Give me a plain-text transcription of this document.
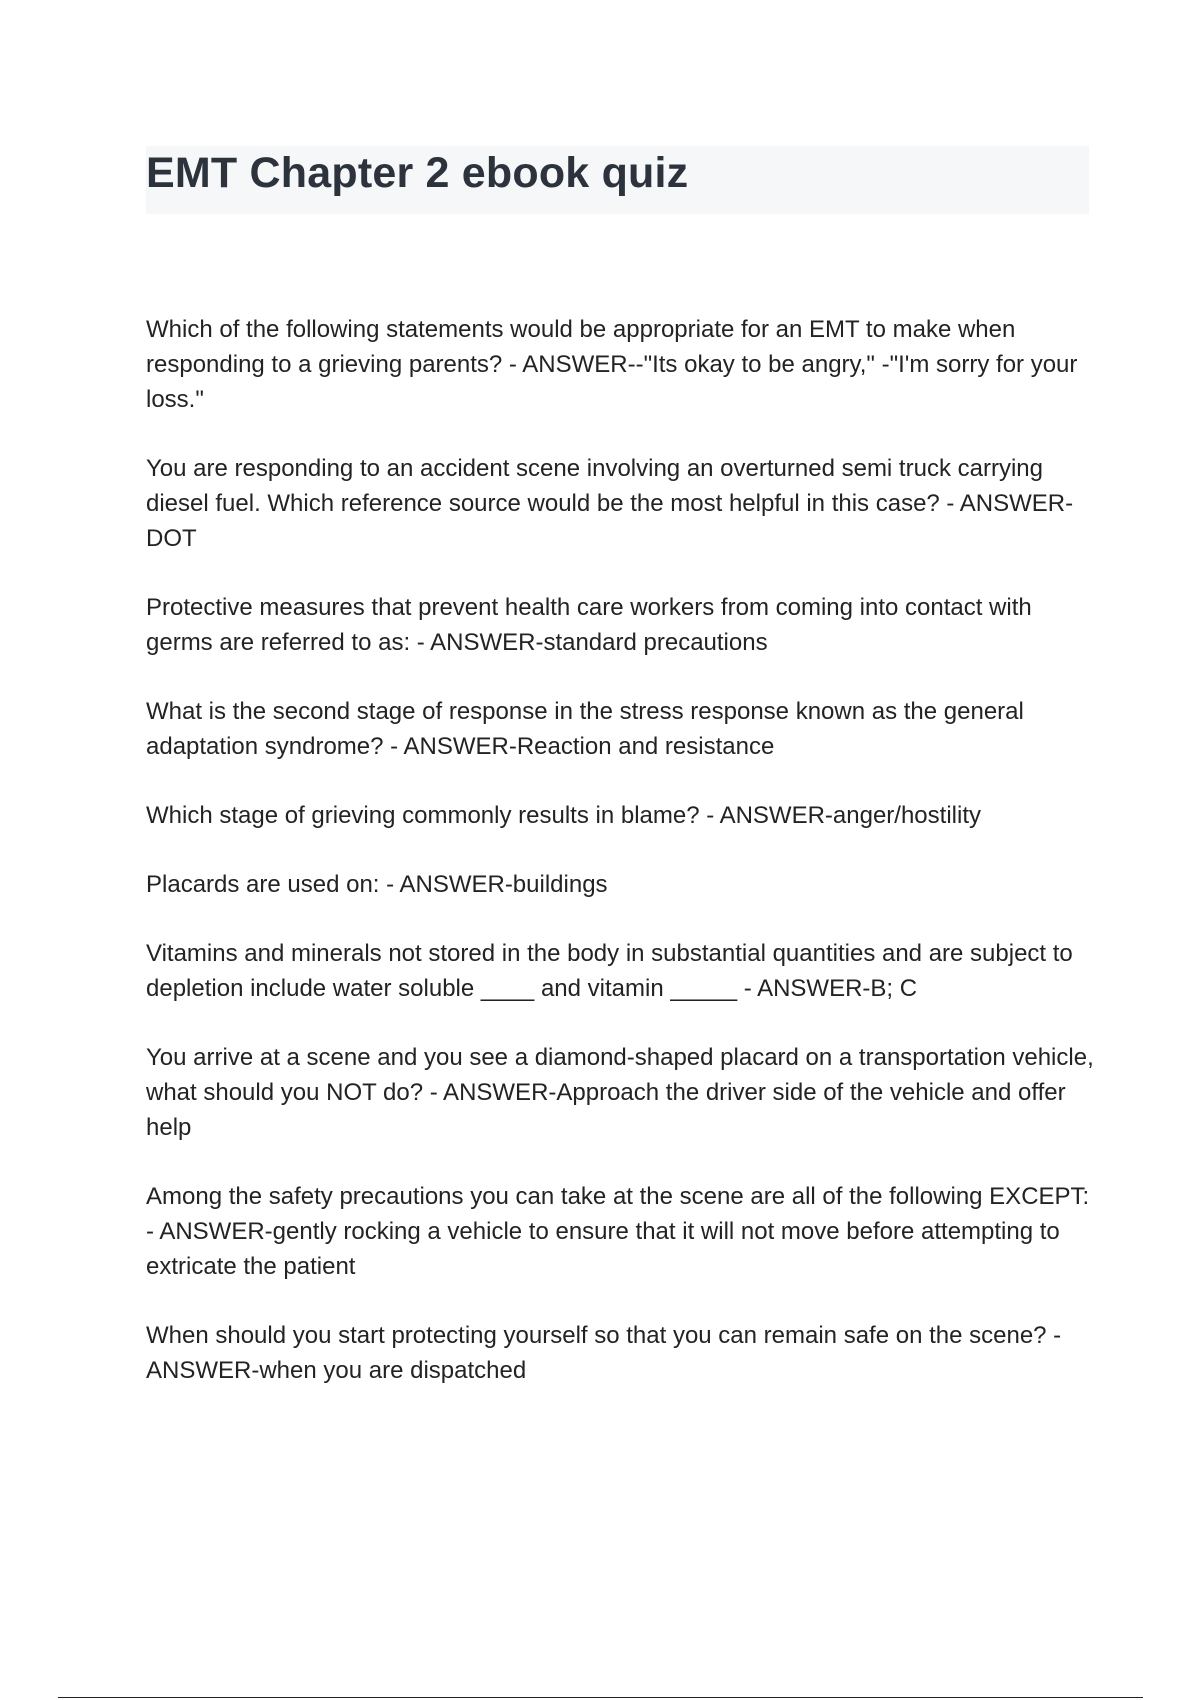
EMT Chapter 2 ebook quiz
Which of the following statements would be appropriate for an EMT to make when responding to a grieving parents? - ANSWER--"Its okay to be angry," -"I'm sorry for your loss."
You are responding to an accident scene involving an overturned semi truck carrying diesel fuel. Which reference source would be the most helpful in this case? - ANSWER-DOT
Protective measures that prevent health care workers from coming into contact with germs are referred to as: - ANSWER-standard precautions
What is the second stage of response in the stress response known as the general adaptation syndrome? - ANSWER-Reaction and resistance
Which stage of grieving commonly results in blame? - ANSWER-anger/hostility
Placards are used on: - ANSWER-buildings
Vitamins and minerals not stored in the body in substantial quantities and are subject to depletion include water soluble ____ and vitamin _____ - ANSWER-B; C
You arrive at a scene and you see a diamond-shaped placard on a transportation vehicle, what should you NOT do? - ANSWER-Approach the driver side of the vehicle and offer help
Among the safety precautions you can take at the scene are all of the following EXCEPT: - ANSWER-gently rocking a vehicle to ensure that it will not move before attempting to extricate the patient
When should you start protecting yourself so that you can remain safe on the scene? - ANSWER-when you are dispatched
